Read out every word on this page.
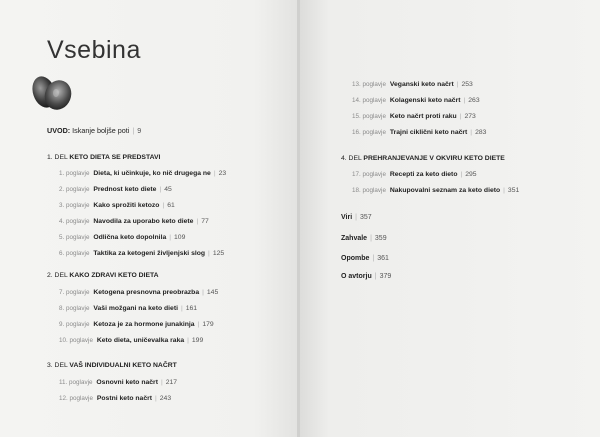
Vsebina
UVOD: Iskanje boljše poti | 9
1. DEL KETO DIETA SE PREDSTAVI
1. poglavje Dieta, ki učinkuje, ko nič drugega ne | 23
2. poglavje Prednost keto diete | 45
3. poglavje Kako sprožiti ketozo | 61
4. poglavje Navodila za uporabo keto diete | 77
5. poglavje Odlična keto dopolnila | 109
6. poglavje Taktika za ketogeni življenjski slog | 125
2. DEL KAKO ZDRAVI KETO DIETA
7. poglavje Ketogena presnovna preobrazba | 145
8. poglavje Vaši možgani na keto dieti | 161
9. poglavje Ketoza je za hormone junakinja | 179
10. poglavje Keto dieta, uničevalka raka | 199
3. DEL VAŠ INDIVIDUALNI KETO NAČRT
11. poglavje Osnovni keto načrt | 217
12. poglavje Postni keto načrt | 243
13. poglavje Veganski keto načrt | 253
14. poglavje Kolagenski keto načrt | 263
15. poglavje Keto načrt proti raku | 273
16. poglavje Trajni ciklični keto načrt | 283
4. DEL PREHRANJEVANJE V OKVIRU KETO DIETE
17. poglavje Recepti za keto dieto | 295
18. poglavje Nakupovalni seznam za keto dieto | 351
Viri | 357
Zahvale | 359
Opombe | 361
O avtorju | 379
